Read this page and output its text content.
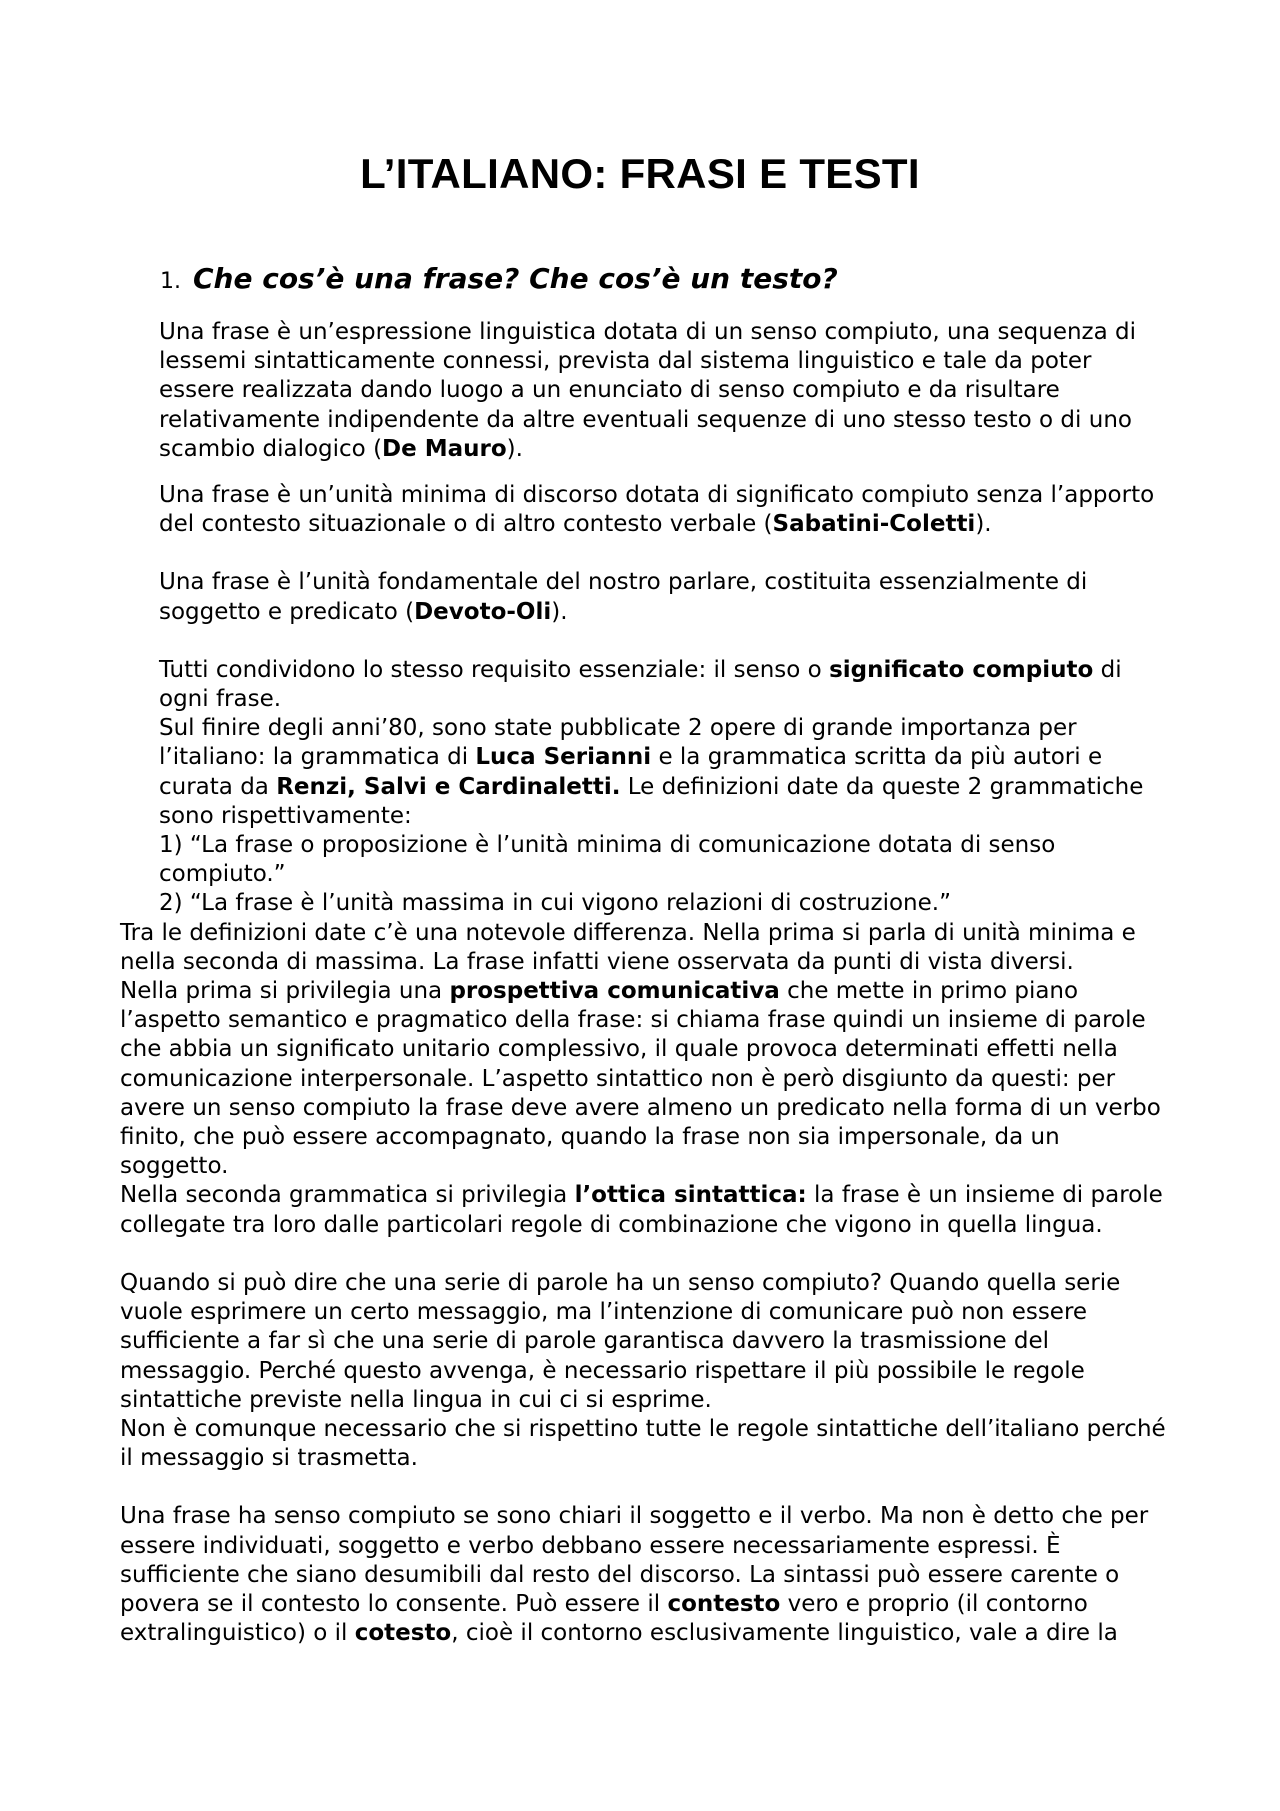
L’ITALIANO: FRASI E TESTI
1. Che cos’è una frase? Che cos’è un testo?

Una frase è un’espressione linguistica dotata di un senso compiuto, una sequenza di lessemi sintatticamente connessi, prevista dal sistema linguistico e tale da poter essere realizzata dando luogo a un enunciato di senso compiuto e da risultare relativamente indipendente da altre eventuali sequenze di uno stesso testo o di uno scambio dialogico (De Mauro).

Una frase è un’unità minima di discorso dotata di significato compiuto senza l’apporto del contesto situazionale o di altro contesto verbale (Sabatini-Coletti).

Una frase è l’unità fondamentale del nostro parlare, costituita essenzialmente di soggetto e predicato (Devoto-Oli).

Tutti condividono lo stesso requisito essenziale: il senso o significato compiuto di ogni frase.

Sul finire degli anni’80, sono state pubblicate 2 opere di grande importanza per l’italiano: la grammatica di Luca Serianni e la grammatica scritta da più autori e curata da Renzi, Salvi e Cardinaletti. Le definizioni date da queste 2 grammatiche sono rispettivamente:

1) “La frase o proposizione è l’unità minima di comunicazione dotata di senso compiuto.”

2) “La frase è l’unità massima in cui vigono relazioni di costruzione.”

Tra le definizioni date c’è una notevole differenza. Nella prima si parla di unità minima e nella seconda di massima. La frase infatti viene osservata da punti di vista diversi.

Nella prima si privilegia una prospettiva comunicativa che mette in primo piano l’aspetto semantico e pragmatico della frase: si chiama frase quindi un insieme di parole che abbia un significato unitario complessivo, il quale provoca determinati effetti nella comunicazione interpersonale. L’aspetto sintattico non è però disgiunto da questi: per avere un senso compiuto la frase deve avere almeno un predicato nella forma di un verbo finito, che può essere accompagnato, quando la frase non sia impersonale, da un soggetto.

Nella seconda grammatica si privilegia l’ottica sintattica: la frase è un insieme di parole collegate tra loro dalle particolari regole di combinazione che vigono in quella lingua.

Quando si può dire che una serie di parole ha un senso compiuto? Quando quella serie vuole esprimere un certo messaggio, ma l’intenzione di comunicare può non essere sufficiente a far sì che una serie di parole garantisca davvero la trasmissione del messaggio. Perché questo avvenga, è necessario rispettare il più possibile le regole sintattiche previste nella lingua in cui ci si esprime.

Non è comunque necessario che si rispettino tutte le regole sintattiche dell’italiano perché il messaggio si trasmetta.

Una frase ha senso compiuto se sono chiari il soggetto e il verbo. Ma non è detto che per essere individuati, soggetto e verbo debbano essere necessariamente espressi. È sufficiente che siano desumibili dal resto del discorso. La sintassi può essere carente o povera se il contesto lo consente. Può essere il contesto vero e proprio (il contorno extralinguistico) o il cotesto, cioè il contorno esclusivamente linguistico, vale a dire la
